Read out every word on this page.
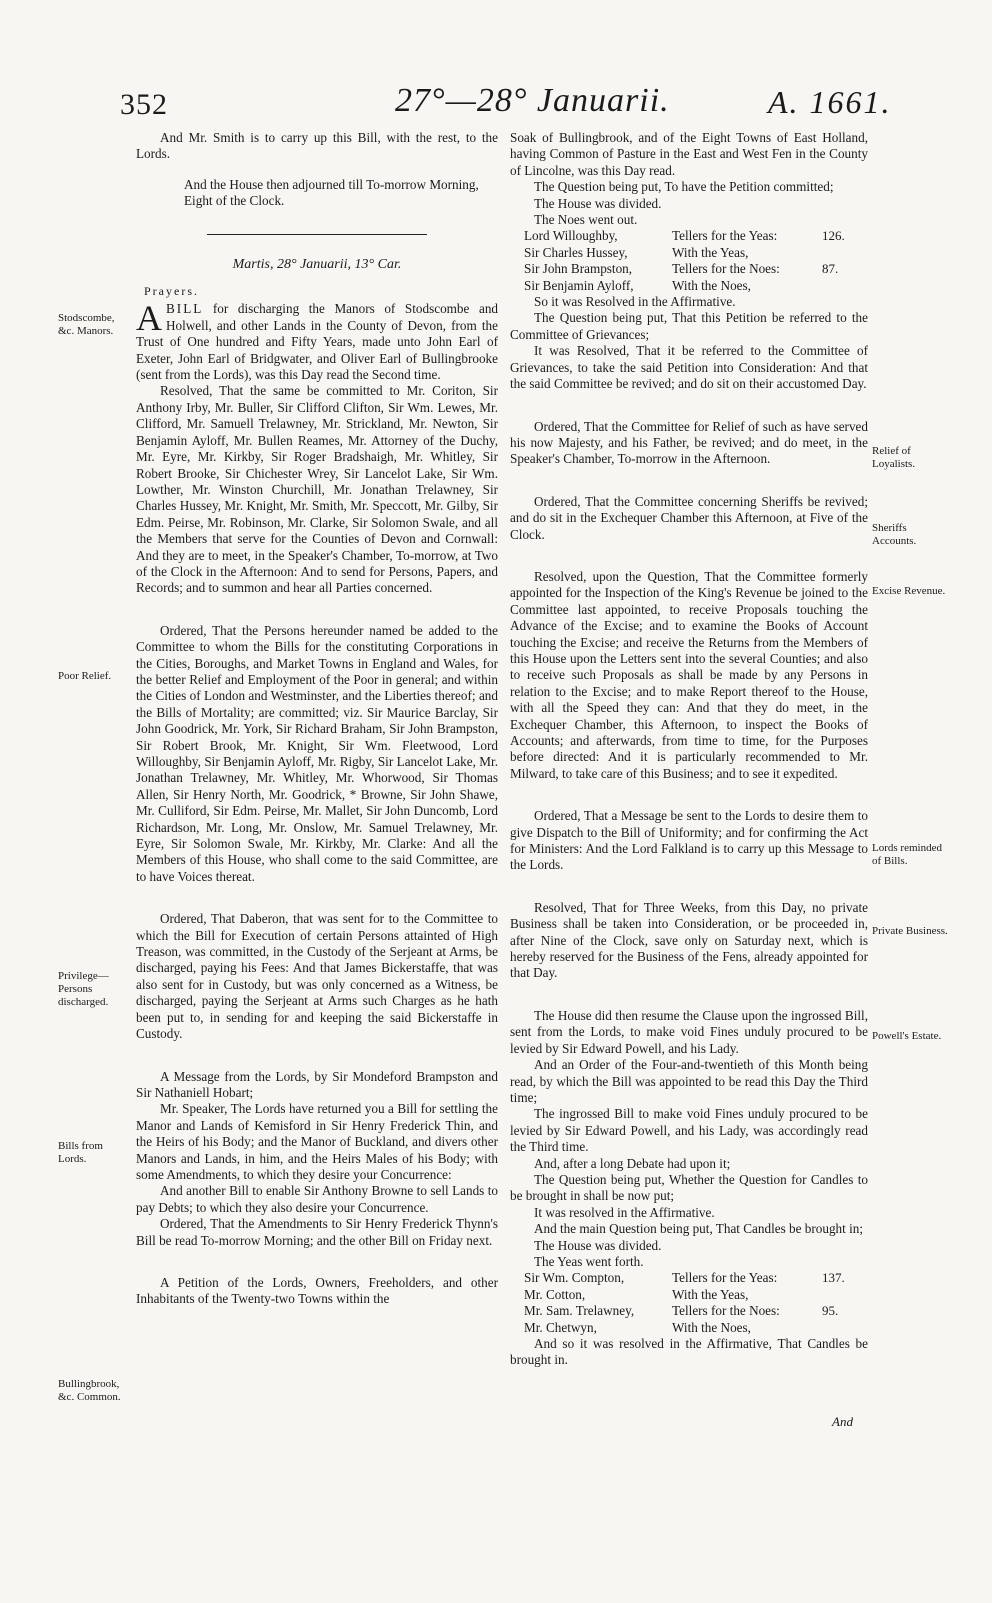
352	27°—28° Januarii.	A. 1661.

And Mr. Smith is to carry up this Bill, with the rest, to the Lords.

And the House then adjourned till To-morrow Morning, Eight of the Clock.

Martis, 28° Januarii, 13° Car.
Prayers.

ABILL for discharging the Manors of Stodscombe and Holwell, and other Lands in the County of Devon, from the Trust of One hundred and Fifty Years, made unto John Earl of Exeter, John Earl of Bridgwater, and Oliver Earl of Bullingbrooke (sent from the Lords), was this Day read the Second time.

Resolved, That the same be committed to Mr. Coriton, Sir Anthony Irby, Mr. Buller, Sir Clifford Clifton, Sir Wm. Lewes, Mr. Clifford, Mr. Samuell Trelawney, Mr. Strickland, Mr. Newton, Sir Benjamin Ayloff, Mr. Bullen Reames, Mr. Attorney of the Duchy, Mr. Eyre, Mr. Kirkby, Sir Roger Bradshaigh, Mr. Whitley, Sir Robert Brooke, Sir Chichester Wrey, Sir Lancelot Lake, Sir Wm. Lowther, Mr. Winston Churchill, Mr. Jonathan Trelawney, Sir Charles Hussey, Mr. Knight, Mr. Smith, Mr. Speccott, Mr. Gilby, Sir Edm. Peirse, Mr. Robinson, Mr. Clarke, Sir Solomon Swale, and all the Members that serve for the Counties of Devon and Cornwall: And they are to meet, in the Speaker's Chamber, To-morrow, at Two of the Clock in the Afternoon: And to send for Persons, Papers, and Records; and to summon and hear all Parties concerned.

Ordered, That the Persons hereunder named be added to the Committee to whom the Bills for the constituting Corporations in the Cities, Boroughs, and Market Towns in England and Wales, for the better Relief and Employment of the Poor in general; and within the Cities of London and Westminster, and the Liberties thereof; and the Bills of Mortality; are committed; viz. Sir Maurice Barclay, Sir John Goodrick, Mr. York, Sir Richard Braham, Sir John Brampston, Sir Robert Brook, Mr. Knight, Sir Wm. Fleetwood, Lord Willoughby, Sir Benjamin Ayloff, Mr. Rigby, Sir Lancelot Lake, Mr. Jonathan Trelawney, Mr. Whitley, Mr. Whorwood, Sir Thomas Allen, Sir Henry North, Mr. Goodrick, * Browne, Sir John Shawe, Mr. Culliford, Sir Edm. Peirse, Mr. Mallet, Sir John Duncomb, Lord Richardson, Mr. Long, Mr. Onslow, Mr. Samuel Trelawney, Mr. Eyre, Sir Solomon Swale, Mr. Kirkby, Mr. Clarke: And all the Members of this House, who shall come to the said Committee, are to have Voices thereat.

Ordered, That Daberon, that was sent for to the Committee to which the Bill for Execution of certain Persons attainted of High Treason, was committed, in the Custody of the Serjeant at Arms, be discharged, paying his Fees: And that James Bickerstaffe, that was also sent for in Custody, but was only concerned as a Witness, be discharged, paying the Serjeant at Arms such Charges as he hath been put to, in sending for and keeping the said Bickerstaffe in Custody.

A Message from the Lords, by Sir Mondeford Brampston and Sir Nathaniell Hobart;

Mr. Speaker, The Lords have returned you a Bill for settling the Manor and Lands of Kemisford in Sir Henry Frederick Thin, and the Heirs of his Body; and the Manor of Buckland, and divers other Manors and Lands, in him, and the Heirs Males of his Body; with some Amendments, to which they desire your Concurrence:

And another Bill to enable Sir Anthony Browne to sell Lands to pay Debts; to which they also desire your Concurrence.

Ordered, That the Amendments to Sir Henry Frederick Thynn's Bill be read To-morrow Morning; and the other Bill on Friday next.

A Petition of the Lords, Owners, Freeholders, and other Inhabitants of the Twenty-two Towns within the

Soak of Bullingbrook, and of the Eight Towns of East Holland, having Common of Pasture in the East and West Fen in the County of Lincolne, was this Day read.

The Question being put, To have the Petition committed;

The House was divided.

The Noes went out.

Lord Willoughby,	Tellers for the Yeas:	126.
Sir Charles Hussey,	With the Yeas,
Sir John Brampston,	Tellers for the Noes:	87.
Sir Benjamin Ayloff,	With the Noes,

So it was Resolved in the Affirmative.

The Question being put, That this Petition be referred to the Committee of Grievances;

It was Resolved, That it be referred to the Committee of Grievances, to take the said Petition into Consideration: And that the said Committee be revived; and do sit on their accustomed Day.

Ordered, That the Committee for Relief of such as have served his now Majesty, and his Father, be revived; and do meet, in the Speaker's Chamber, To-morrow in the Afternoon.

Ordered, That the Committee concerning Sheriffs be revived; and do sit in the Exchequer Chamber this Afternoon, at Five of the Clock.

Resolved, upon the Question, That the Committee formerly appointed for the Inspection of the King's Revenue be joined to the Committee last appointed, to receive Proposals touching the Advance of the Excise; and to examine the Books of Account touching the Excise; and receive the Returns from the Members of this House upon the Letters sent into the several Counties; and also to receive such Proposals as shall be made by any Persons in relation to the Excise; and to make Report thereof to the House, with all the Speed they can: And that they do meet, in the Exchequer Chamber, this Afternoon, to inspect the Books of Accounts; and afterwards, from time to time, for the Purposes before directed: And it is particularly recommended to Mr. Milward, to take care of this Business; and to see it expedited.

Ordered, That a Message be sent to the Lords to desire them to give Dispatch to the Bill of Uniformity; and for confirming the Act for Ministers: And the Lord Falkland is to carry up this Message to the Lords.

Resolved, That for Three Weeks, from this Day, no private Business shall be taken into Consideration, or be proceeded in, after Nine of the Clock, save only on Saturday next, which is hereby reserved for the Business of the Fens, already appointed for that Day.

The House did then resume the Clause upon the ingrossed Bill, sent from the Lords, to make void Fines unduly procured to be levied by Sir Edward Powell, and his Lady.

And an Order of the Four-and-twentieth of this Month being read, by which the Bill was appointed to be read this Day the Third time;

The ingrossed Bill to make void Fines unduly procured to be levied by Sir Edward Powell, and his Lady, was accordingly read the Third time.

And, after a long Debate had upon it;

The Question being put, Whether the Question for Candles to be brought in shall be now put;

It was resolved in the Affirmative.

And the main Question being put, That Candles be brought in;

The House was divided.

The Yeas went forth.

Sir Wm. Compton,	Tellers for the Yeas:	137.
Mr. Cotton,	With the Yeas,
Mr. Sam. Trelawney,	Tellers for the Noes:	95.
Mr. Chetwyn,	With the Noes,

And so it was resolved in the Affirmative, That Candles be brought in.

Stodscombe, &c. Manors.
Poor Relief.
Privilege— Persons discharged.
Bills from Lords.
Bullingbrook, &c. Common.
Relief of Loyalists.
Sheriffs Accounts.
Excise Revenue.
Lords reminded of Bills.
Private Business.
Powell's Estate.
And
